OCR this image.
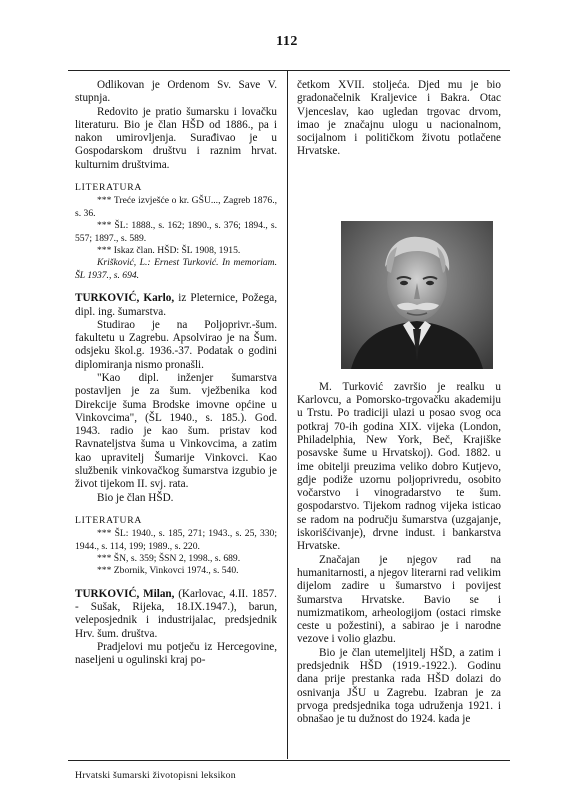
112

Odlikovan je Ordenom Sv. Save V. stupnja.

Redovito je pratio šumarsku i lovačku literaturu. Bio je član HŠD od 1886., pa i nakon umirovljenja. Surađivao je u Gospodarskom društvu i raznim hrvat. kulturnim društvima.

LITERATURA

*** Treće izvješće o kr. GŠU..., Zagreb 1876., s. 36.

*** ŠL: 1888., s. 162; 1890., s. 376; 1894., s. 557; 1897., s. 589.

*** Iskaz član. HŠD: ŠL 1908, 1915.

Krišković, L.: Ernest Turković. In memoriam. ŠL 1937., s. 694.

TURKOVIĆ, Karlo, iz Pleternice, Požega, dipl. ing. šumarstva.

Studirao je na Poljoprivr.-šum. fakultetu u Zagrebu. Apsolvirao je na Šum. odsjeku škol.g. 1936.-37. Podatak o godini diplomiranja nismo pronašli.

"Kao dipl. inženjer šumarstva postavljen je za šum. vježbenika kod Direkcije šuma Brodske imovne općine u Vinkovcima", (ŠL 1940., s. 185.). God. 1943. radio je kao šum. pristav kod Ravnateljstva šuma u Vinkovcima, a zatim kao upravitelj Šumarije Vinkovci. Kao službenik vinkovačkog šumarstva izgubio je život tijekom II. svj. rata.

Bio je član HŠD.

LITERATURA

*** ŠL: 1940., s. 185, 271; 1943., s. 25, 330; 1944., s. 114, 199; 1989., s. 220.

*** ŠN, s. 359; ŠSN 2, 1998., s. 689.

*** Zbornik, Vinkovci 1974., s. 540.

TURKOVIĆ, Milan, (Karlovac, 4.II. 1857. - Sušak, Rijeka, 18.IX.1947.), barun, veleposjednik i industrijalac, predsjednik Hrv. šum. društva.

Pradjelovi mu potječu iz Hercegovine, naseljeni u ogulinski kraj po-

četkom XVII. stoljeća. Djed mu je bio gradonačelnik Kraljevice i Bakra. Otac Vjenceslav, kao ugledan trgovac drvom, imao je značajnu ulogu u nacionalnom, socijalnom i političkom životu potlačene Hrvatske.

M. Turković završio je realku u Karlovcu, a Pomorsko-trgovačku akademiju u Trstu. Po tradiciji ulazi u posao svog oca potkraj 70-ih godina XIX. vijeka (London, Philadelphia, New York, Beč, Krajiške posavske šume u Hrvatskoj). God. 1882. u ime obitelji preuzima veliko dobro Kutjevo, gdje podiže uzornu poljoprivredu, osobito vočarstvo i vinogradarstvo te šum. gospodarstvo. Tijekom radnog vijeka isticao se radom na području šumarstva (uzgajanje, iskorišćivanje), drvne indust. i bankarstva Hrvatske.

Značajan je njegov rad na humanitarnosti, a njegov literarni rad velikim dijelom zadire u šumarstvo i povijest šumarstva Hrvatske. Bavio se i numizmatikom, arheologijom (ostaci rimske ceste u požestini), a sabirao je i narodne vezove i volio glazbu.

Bio je član utemeljitelj HŠD, a zatim i predsjednik HŠD (1919.-1922.). Godinu dana prije prestanka rada HŠD dolazi do osnivanja JŠU u Zagrebu. Izabran je za prvoga predsjednika toga udruženja 1921. i obnašao je tu dužnost do 1924. kada je

Hrvatski šumarski životopisni leksikon
